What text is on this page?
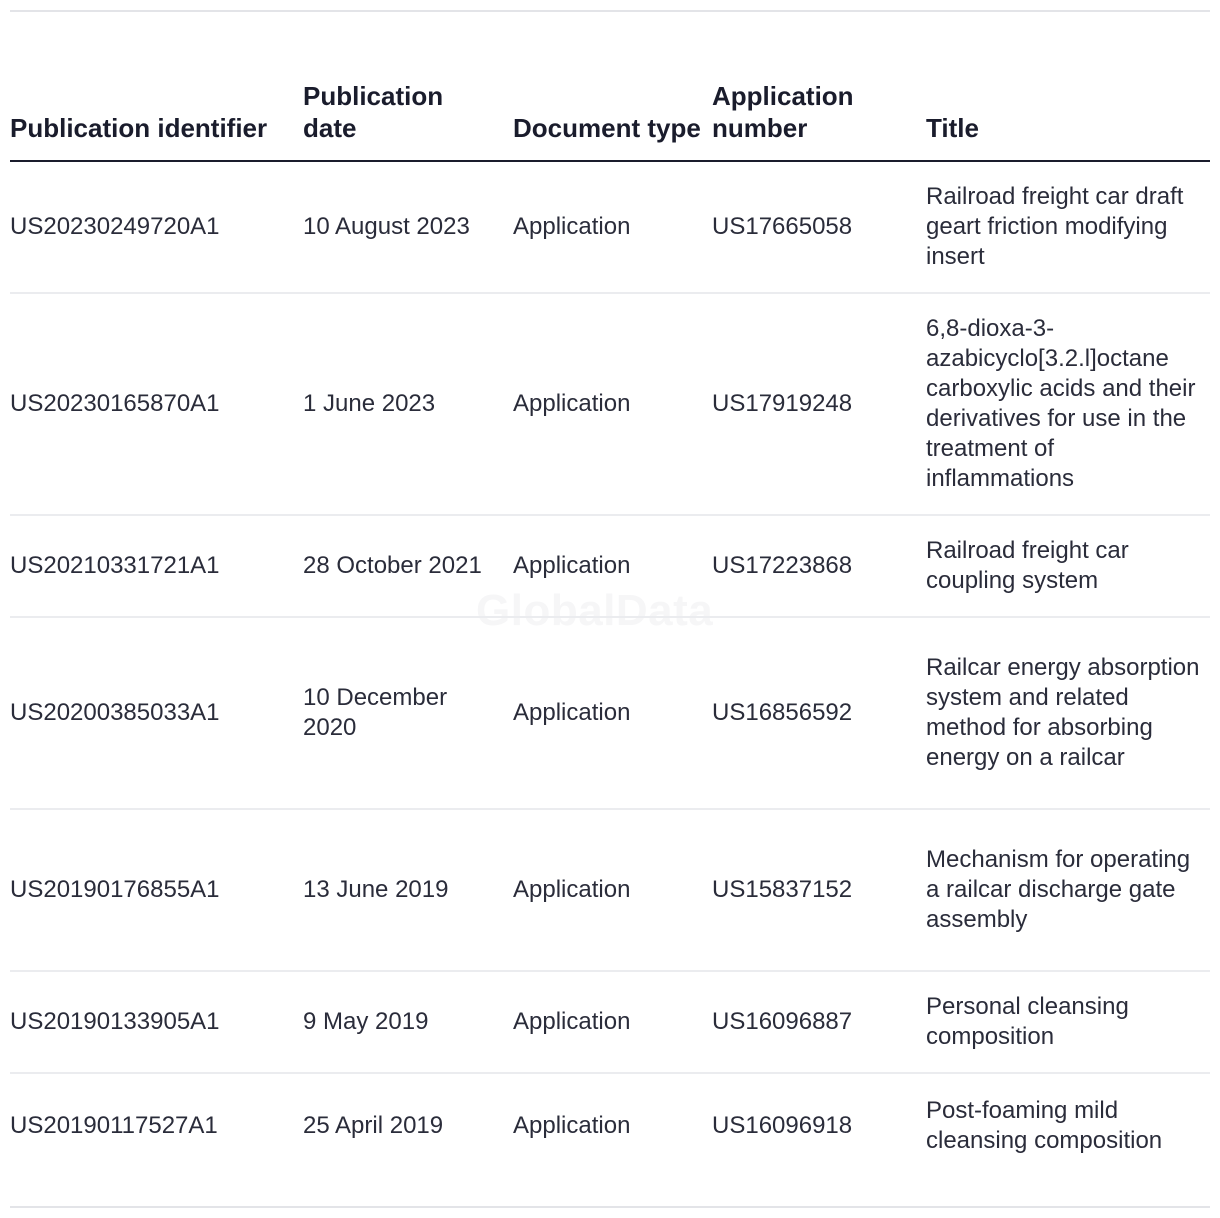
GlobalData
Publication identifier	Publication date	Document type	Application number	Title
US20230249720A1	10 August 2023	Application	US17665058	Railroad freight car draft geart friction modifying insert
US20230165870A1	1 June 2023	Application	US17919248	6,8-dioxa-3-azabicyclo[3.2.l]octane carboxylic acids and their derivatives for use in the treatment of inflammations
US20210331721A1	28 October 2021	Application	US17223868	Railroad freight car coupling system
US20200385033A1	10 December 2020	Application	US16856592	Railcar energy absorption system and related method for absorbing energy on a railcar
US20190176855A1	13 June 2019	Application	US15837152	Mechanism for operating a railcar discharge gate assembly
US20190133905A1	9 May 2019	Application	US16096887	Personal cleansing composition
US20190117527A1	25 April 2019	Application	US16096918	Post-foaming mild cleansing composition
